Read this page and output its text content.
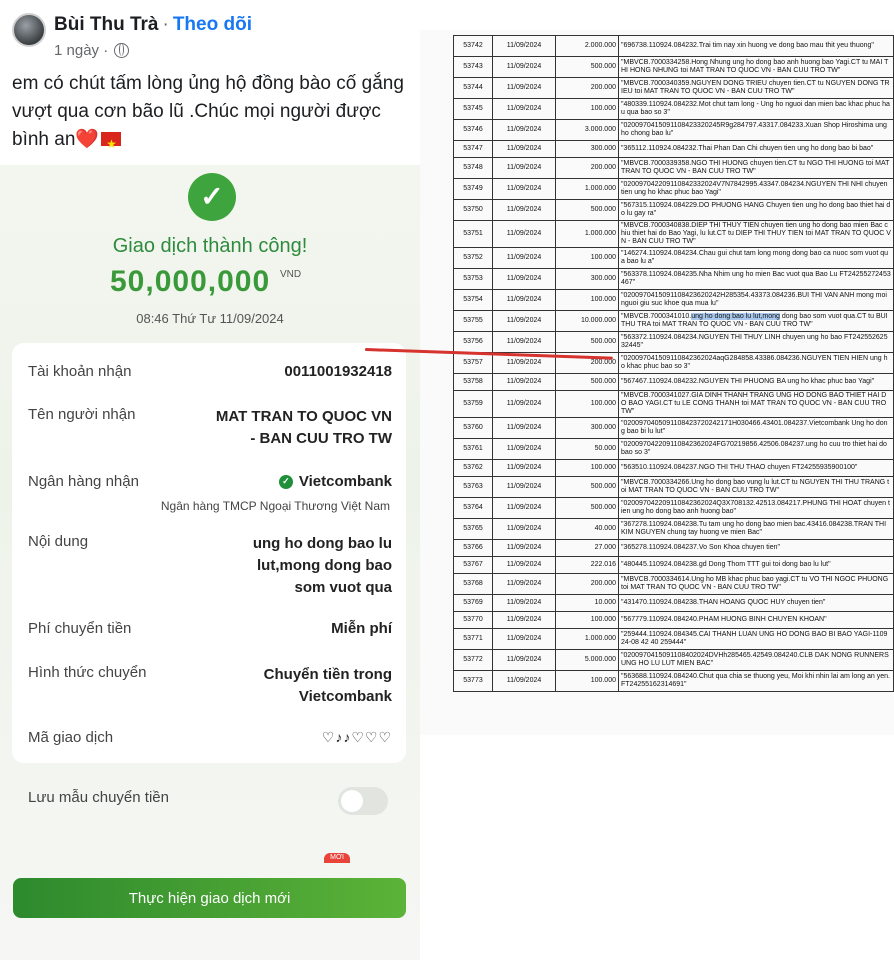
Bùi Thu Trà · Theo dõi
1 ngày ·
em có chút tấm lòng ủng hộ đồng bào cố gắng vượt qua cơn bão lũ .Chúc mọi người được bình an❤️★
✓
Giao dịch thành công!
50,000,000 VND
08:46 Thứ Tư 11/09/2024
Tài khoản nhận	0011001932418
Tên người nhận	MAT TRAN TO QUOC VN - BAN CUU TRO TW
Ngân hàng nhận	✓ Vietcombank
Ngân hàng TMCP Ngoại Thương Việt Nam
Nội dung	ung ho dong bao lu lut,mong dong bao som vuot qua
Phí chuyển tiền	Miễn phí
Hình thức chuyển	Chuyển tiền trong Vietcombank
Mã giao dịch	♡♪♪♡♡♡
Lưu mẫu chuyển tiền
MỚI
Thực hiện giao dịch mới
53742	11/09/2024	2.000.000	"696738.110924.084232.Trai tim nay xin huong ve dong bao mau thit yeu thuong"
53743	11/09/2024	500.000	"MBVCB.7000334258.Hong Nhung ung ho dong bao anh huong bao Yagi.CT tu MAI THI HONG NHUNG toi MAT TRAN TO QUOC VN - BAN CUU TRO TW"
53744	11/09/2024	200.000	"MBVCB.7000340359.NGUYEN DONG TRIEU chuyen tien.CT tu NGUYEN DONG TRIEU toi MAT TRAN TO QUOC VN - BAN CUU TRO TW"
53745	11/09/2024	100.000	"480339.110924.084232.Mot chut tam long - Ung ho nguoi dan mien bac khac phuc hau qua bao so 3"
53746	11/09/2024	3.000.000	"0200970415091108423320245R9g284797.43317.084233.Xuan Shop Hiroshima ung ho chong bao lu"
53747	11/09/2024	300.000	"365112.110924.084232.Thai Phan Dan Chi chuyen tien ung ho dong bao bi bao"
53748	11/09/2024	200.000	"MBVCB.7000339358.NGO THI HUONG chuyen tien.CT tu NGO THI HUONG toi MAT TRAN TO QUOC VN - BAN CUU TRO TW"
53749	11/09/2024	1.000.000	"020097042209110842332024V7N7842995.43347.084234.NGUYEN THI NHI chuyen tien ung ho khac phuc bao Yagi"
53750	11/09/2024	500.000	"567315.110924.084229.DO PHUONG HANG Chuyen tien ung ho dong bao thiet hai do lu gay ra"
53751	11/09/2024	1.000.000	"MBVCB.7000340838.DIEP THI THUY TIEN chuyen tien ung ho dong bao mien Bac chiu thiet hai do Bao Yagi, lu lut.CT tu DIEP THI THUY TIEN toi MAT TRAN TO QUOC VN - BAN CUU TRO TW"
53752	11/09/2024	100.000	"146274.110924.084234.Chau gui chut tam long mong dong bao ca nuoc som vuot qua bao lu a"
53753	11/09/2024	300.000	"563378.110924.084235.Nha Nhim ung ho mien Bac vuot qua Bao Lu FT24255272453467"
53754	11/09/2024	100.000	"0200970415091108423620242H285354.43373.084236.BUI THI VAN ANH mong moi nguoi giu suc khoe qua mua lu"
53755	11/09/2024	10.000.000	"MBVCB.7000341010.ung ho dong bao lu lut,mong dong bao som vuot qua.CT tu BUI THU TRA toi MAT TRAN TO QUOC VN - BAN CUU TRO TW"
53756	11/09/2024	500.000	"563372.110924.084234.NGUYEN THI THUY LINH chuyen ung ho bao FT24255262532445"
53757	11/09/2024	200.000	"020097041509110842362024aqG284858.43386.084236.NGUYEN TIEN HIEN ung ho khac phuc bao so 3"
53758	11/09/2024	500.000	"567467.110924.084232.NGUYEN THI PHUONG BA ung ho khac phuc bao Yagi"
53759	11/09/2024	100.000	"MBVCB.7000341027.GIA DINH THANH TRANG UNG HO DONG BAO THIET HAI DO BAO YAGI.CT tu LE CONG THANH toi MAT TRAN TO QUOC VN - BAN CUU TRO TW"
53760	11/09/2024	300.000	"0200970405091108423720242171H030466.43401.084237.Vietcombank Ung ho dong bao bi lu lut"
53761	11/09/2024	50.000	"020097042209110842362024FG70219856.42506.084237.ung ho cuu tro thiet hai do bao so 3"
53762	11/09/2024	100.000	"563510.110924.084237.NGO THI THU THAO chuyen FT24255935900100"
53763	11/09/2024	500.000	"MBVCB.7000334266.Ung ho dong bao vung lu lut.CT tu NGUYEN THI THU TRANG toi MAT TRAN TO QUOC VN - BAN CUU TRO TW"
53764	11/09/2024	500.000	"020097042209110842362024Q3X708132.42513.084217.PHUNG THI HOAT chuyen tien ung ho dong bao anh huong bao"
53765	11/09/2024	40.000	"367278.110924.084238.Tu tam ung ho dong bao mien bac.43416.084238.TRAN THI KIM NGUYEN chung tay huong ve mien Bac"
53766	11/09/2024	27.000	"365278.110924.084237.Vo Son Khoa chuyen tien"
53767	11/09/2024	222.016	"480445.110924.084238.gd Dong Thom TTT gui toi dong bao lu lut"
53768	11/09/2024	200.000	"MBVCB.7000334614.Ung ho MB khac phuc bao yagi.CT tu VO THI NGOC PHUONG toi MAT TRAN TO QUOC VN - BAN CUU TRO TW"
53769	11/09/2024	10.000	"431470.110924.084238.THAN HOANG QUOC HUY chuyen tien"
53770	11/09/2024	100.000	"567779.110924.084240.PHAM HUONG BINH CHUYEN KHOAN"
53771	11/09/2024	1.000.000	"259444.110924.084345.CAI THANH LUAN UNG HO DONG BAO BI BAO YAGI-110924-08 42 40 259444"
53772	11/09/2024	5.000.000	"0200970415091108402024DVHh285465.42549.084240.CLB DAK NONG RUNNERS UNG HO LU LUT MIEN BAC"
53773	11/09/2024	100.000	"563688.110924.084240.Chut qua chia se thuong yeu, Moi khi nhin lai am long an yen. FT24255162314691"
